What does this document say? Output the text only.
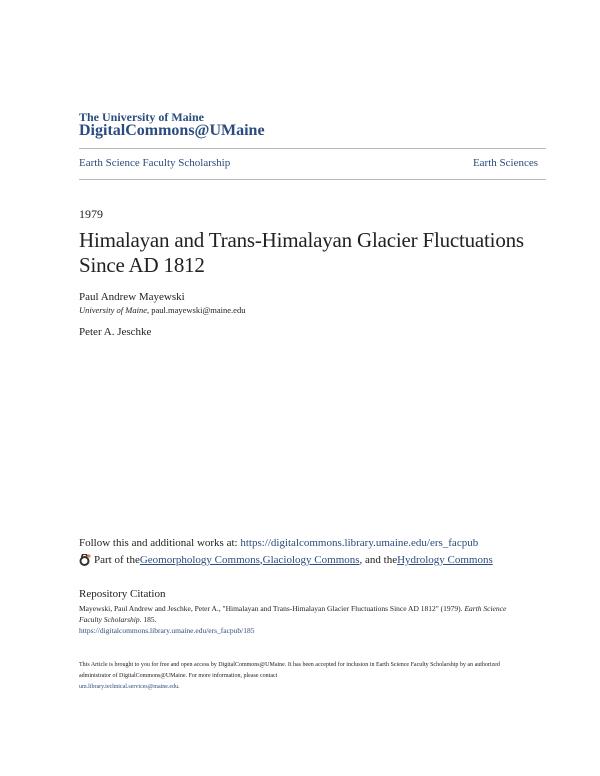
The University of Maine
DigitalCommons@UMaine
Earth Science Faculty Scholarship	Earth Sciences
1979
Himalayan and Trans-Himalayan Glacier Fluctuations Since AD 1812
Paul Andrew Mayewski
University of Maine, paul.mayewski@maine.edu
Peter A. Jeschke
Follow this and additional works at: https://digitalcommons.library.umaine.edu/ers_facpub
Part of the Geomorphology Commons , Glaciology Commons , and the Hydrology Commons
Repository Citation
Mayewski, Paul Andrew and Jeschke, Peter A., "Himalayan and Trans-Himalayan Glacier Fluctuations Since AD 1812" (1979). Earth Science Faculty Scholarship. 185.
https://digitalcommons.library.umaine.edu/ers_facpub/185
This Article is brought to you for free and open access by DigitalCommons@UMaine. It has been accepted for inclusion in Earth Science Faculty Scholarship by an authorized administrator of DigitalCommons@UMaine. For more information, please contact
um.library.technical.services@maine.edu.
